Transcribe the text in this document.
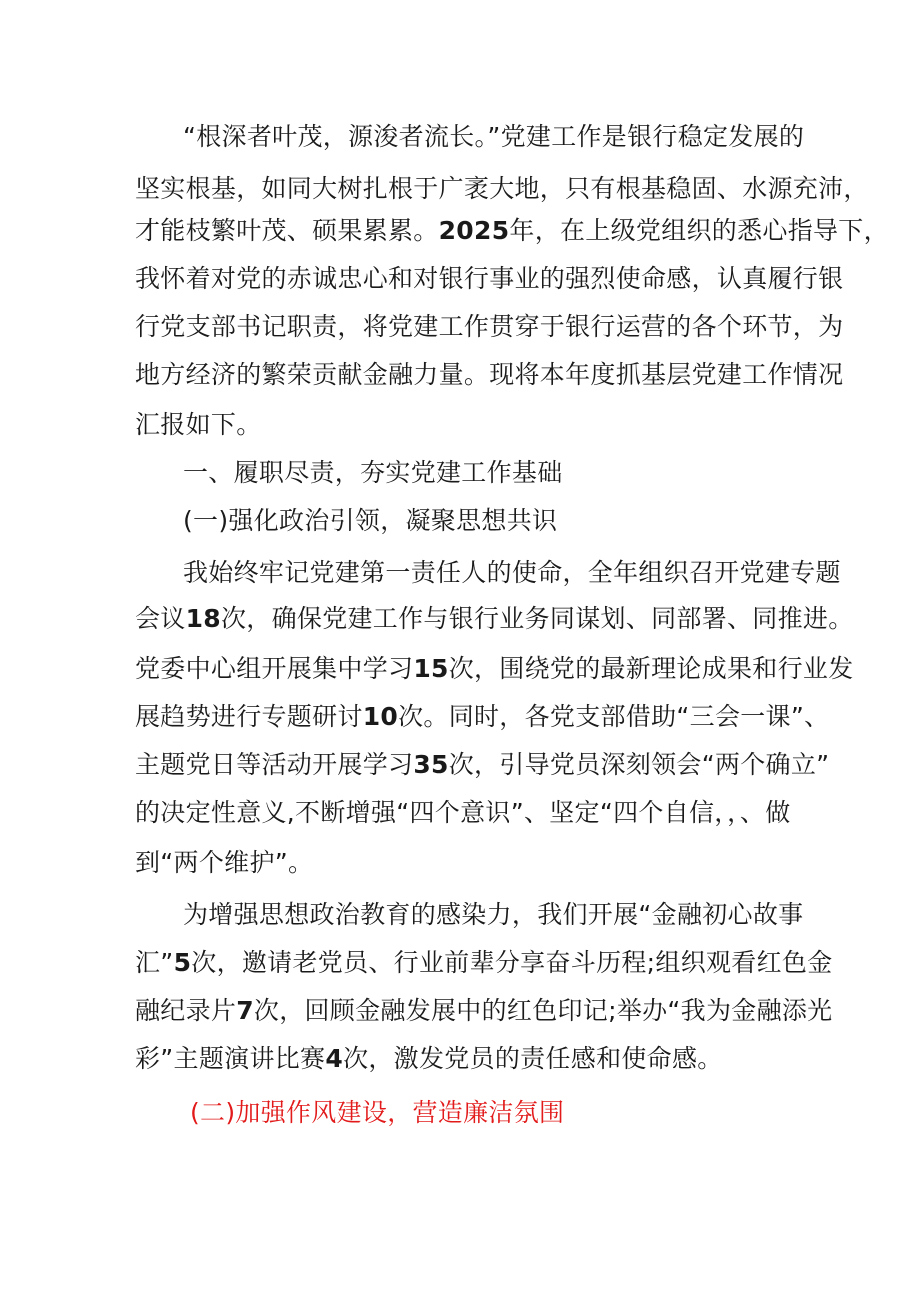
“根深者叶茂，源浚者流长。”党建工作是银行稳定发展的
坚实根基，如同大树扎根于广袤大地，只有根基稳固、水源充沛，
才能枝繁叶茂、硕果累累。2025年，在上级党组织的悉心指导下，
我怀着对党的赤诚忠心和对银行事业的强烈使命感，认真履行银
行党支部书记职责，将党建工作贯穿于银行运营的各个环节，为
地方经济的繁荣贡献金融力量。现将本年度抓基层党建工作情况
汇报如下。
一、履职尽责，夯实党建工作基础
(一)强化政治引领，凝聚思想共识
我始终牢记党建第一责任人的使命，全年组织召开党建专题
会议18次，确保党建工作与银行业务同谋划、同部署、同推进。
党委中心组开展集中学习15次，围绕党的最新理论成果和行业发
展趋势进行专题研讨10次。同时，各党支部借助“三会一课”、
主题党日等活动开展学习35次，引导党员深刻领会“两个确立”
的决定性意义,不断增强“四个意识”、坚定“四个自信，，、做
到“两个维护”。
为增强思想政治教育的感染力，我们开展“金融初心故事
汇”5次，邀请老党员、行业前辈分享奋斗历程;组织观看红色金
融纪录片7次，回顾金融发展中的红色印记;举办“我为金融添光
彩”主题演讲比赛4次，激发党员的责任感和使命感。
(二)加强作风建设，营造廉洁氛围
